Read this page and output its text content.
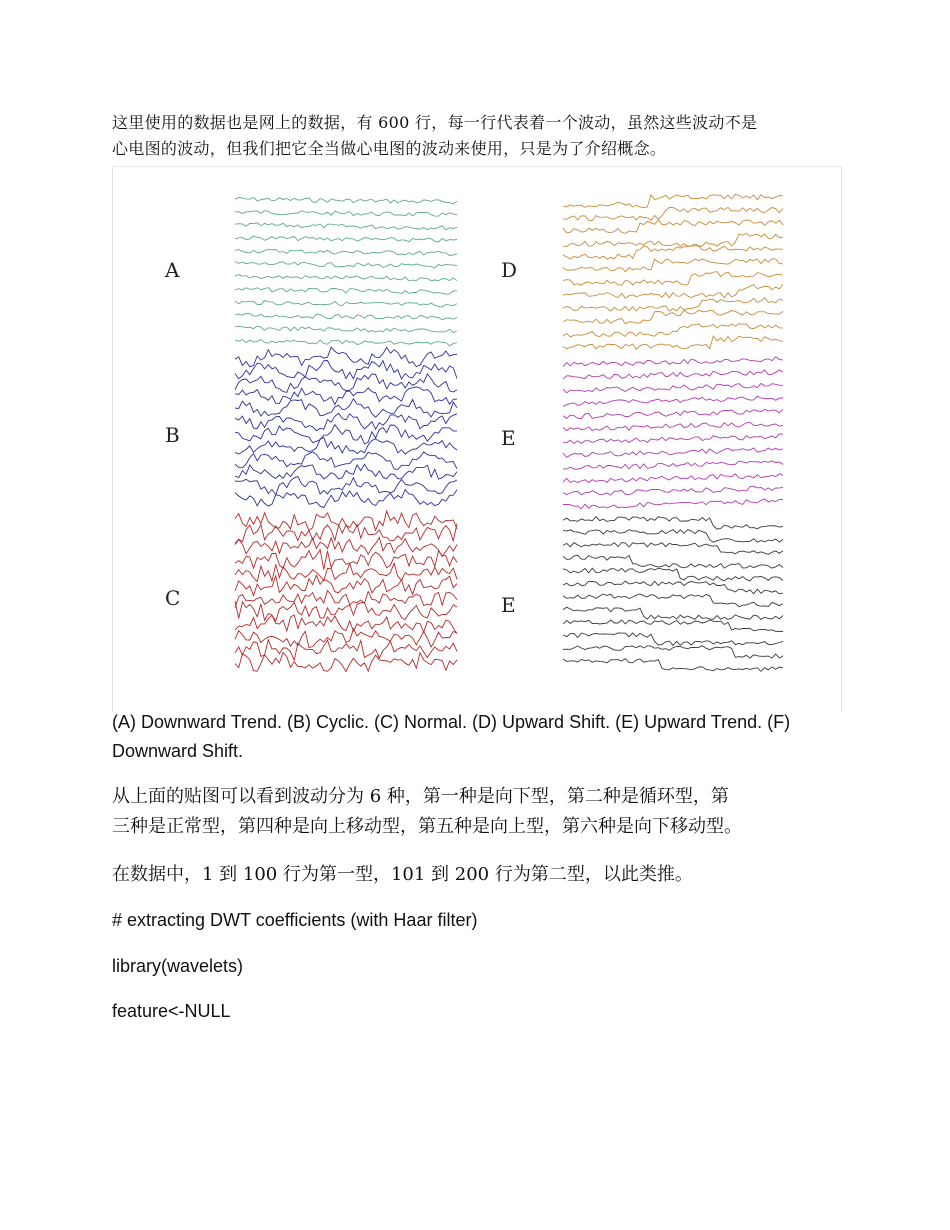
这里使用的数据也是网上的数据，有 600 行，每一行代表着一个波动，虽然这些波动不是
心电图的波动，但我们把它全当做心电图的波动来使用，只是为了介绍概念。
A
B
C
D
E
E
(A) Downward Trend. (B) Cyclic. (C) Normal. (D) Upward Shift. (E) Upward Trend. (F)
Downward Shift.
从上面的贴图可以看到波动分为 6 种，第一种是向下型，第二种是循环型，第
三种是正常型，第四种是向上移动型，第五种是向上型，第六种是向下移动型。
在数据中，1 到 100 行为第一型，101 到 200 行为第二型，以此类推。
# extracting DWT coefficients (with Haar filter)
library(wavelets)
feature<-NULL
